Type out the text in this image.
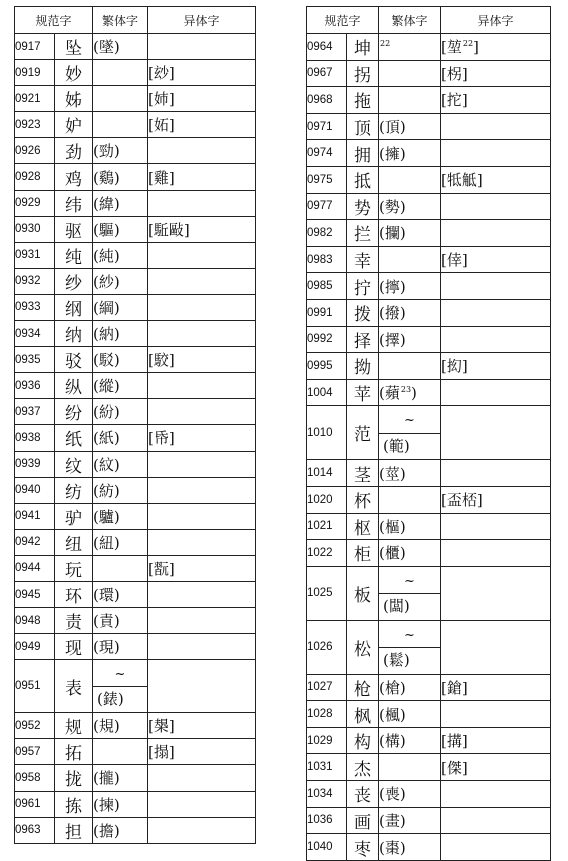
规范字		繁体字	异体字
0917	坠	(墜)	
0919	妙		[玅]
0921	姊		[姉]
0923	妒		[妬]
0926	劲	(勁)	
0928	鸡	(鷄)	[雞]
0929	纬	(緯)	
0930	驱	(驅)	[駈敺]
0931	纯	(純)	
0932	纱	(紗)	
0933	纲	(綱)	
0934	纳	(納)	
0935	驳	(駁)	[駮]
0936	纵	(縱)	
0937	纷	(紛)	
0938	纸	(紙)	[帋]
0939	纹	(紋)	
0940	纺	(紡)	
0941	驴	(驢)	
0942	纽	(紐)	
0944	玩		[翫]
0945	环	(環)	
0948	责	(責)	
0949	现	(現)	
0951	表	~
(錶)	

0952	规	(規)	[槼]
0957	拓		[搨]
0958	拢	(攏)	
0961	拣	(揀)	
0963	担	(擔)	
规范字		繁体字	异体字
0964	坤	$^{22}$	[堃$^{22}$]
0967	拐		[柺]
0968	拖		[拕]
0971	顶	(頂)	
0974	拥	(擁)	
0975	抵		[牴觝]
0977	势	(勢)	
0982	拦	(攔)	
0983	幸		[倖]
0985	拧	(擰)	
0991	拨	(撥)	
0992	择	(擇)	
0995	拗		[抝]
1004	苹	(蘋$^{23}$)	
1010	范	~
(範)	

1014	茎	(莖)	
1020	杯		[盃桮]
1021	枢	(樞)	
1022	柜	(櫃)	
1025	板	~
(闆)	

1026	松	~
(鬆)	

1027	枪	(槍)	[鎗]
1028	枫	(楓)	
1029	构	(構)	[搆]
1031	杰		[傑]
1034	丧	(喪)	
1036	画	(畫)	
1040	枣	(棗)	
